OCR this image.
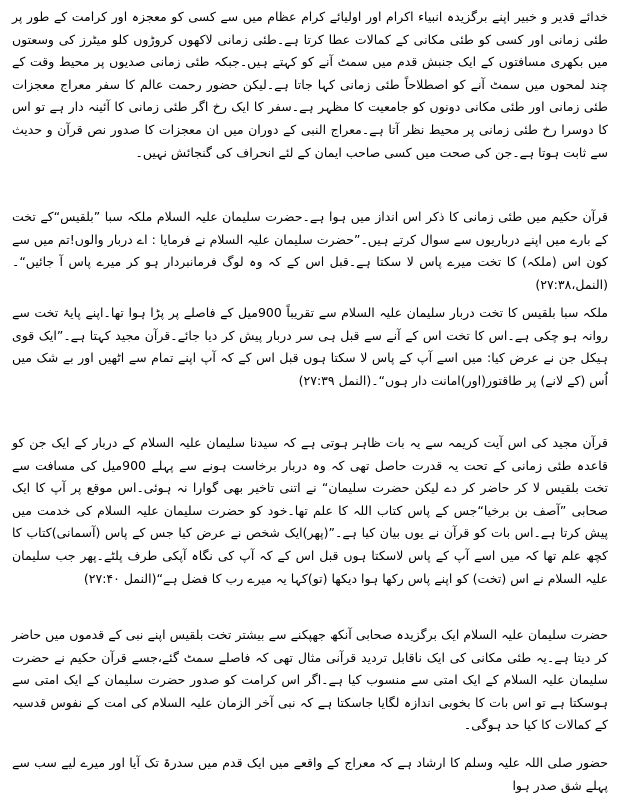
خدائے قدیر و خبیر اپنے برگزیدہ انبیاء اکرام اور اولیائے کرام عظام میں سے کسی کو معجزہ اور کرامت کے طور پر طئی زمانی اور کسی کو طئی مکانی کے کمالات عطا کرتا ہے۔طئی زمانی لاکھوں کروڑوں کلو میٹرز کی وسعتوں میں بکھری مسافتوں کے ایک جنبش قدم میں سمٹ آنے کو کہتے ہیں۔جبکہ طئی زمانی صدیوں پر محیط وقت کے چند لمحوں میں سمٹ آنے کو اصطلاحاً طئی زمانی کہا جاتا ہے۔لیکن حضور رحمت عالم کا سفر معراج معجزات طئی زمانی اور طئی مکانی دونوں کو جامعیت کا مظہر ہے۔سفر کا ایک رخ اگر طئی زمانی کا آئینہ دار ہے تو اس کا دوسرا رخ طئی زمانی پر محیط نظر آتا ہے۔معراج النبی کے دوران میں ان معجزات کا صدور نص قرآن و حدیث سے ثابت ہوتا ہے۔جن کی صحت میں کسی صاحب ایمان کے لئے انحراف کی گنجائش نہیں۔

قرآن حکیم میں طئی زمانی کا ذکر اس انداز میں ہوا ہے۔حضرت سلیمان علیہ السلام ملکہ سبا ”بلقیس“کے تخت کے بارے میں اپنے درباریوں سے سوال کرتے ہیں۔”حضرت سلیمان علیہ السلام نے فرمایا : اے دربار والوں!تم میں سے کون اس (ملکہ) کا تخت میرے پاس لا سکتا ہے۔قبل اس کے کہ وہ لوگ فرمانبردار ہو کر میرے پاس آ جائیں“۔(النمل،۲۷:۳۸)

ملکہ سبا بلقیس کا تخت دربار سلیمان علیہ السلام سے تقریباً 900میل کے فاصلے پر پڑا ہوا تھا۔اپنے پایۂ تخت سے روانہ ہو چکی ہے۔اس کا تخت اس کے آنے سے قبل ہی سر دربار پیش کر دیا جائے۔قرآن مجید کہتا ہے۔”ایک قوی ہیکل جن نے عرض کیا: میں اسے آپ کے پاس لا سکتا ہوں قبل اس کے کہ آپ اپنے تمام سے اٹھیں اور بے شک میں اُس (کے لانے) پر طاقتور(اور)امانت دار ہوں“۔(النمل ۲۷:۳۹)

قرآن مجید کی اس آیت کریمہ سے یہ بات ظاہر ہوتی ہے کہ سیدنا سلیمان علیہ السلام کے دربار کے ایک جن کو قاعدہ طئی زمانی کے تحت یہ قدرت حاصل تھی کہ وہ دربار برخاست ہونے سے پہلے 900میل کی مسافت سے تخت بلقیس لا کر حاضر کر دے لیکن حضرت سلیمان“ نے اتنی تاخیر بھی گوارا نہ ہوئی۔اس موقع پر آپ کا ایک صحابی ”آصف بن برخیا“جس کے پاس کتاب اللہ کا علم تھا۔خود کو حضرت سلیمان علیہ السلام کی خدمت میں پیش کرتا ہے۔اس بات کو قرآن نے یوں بیان کیا ہے۔”(پھر)ایک شخص نے عرض کیا جس کے پاس (آسمانی)کتاب کا کچھ علم تھا کہ میں اسے آپ کے پاس لاسکتا ہوں قبل اس کے کہ آپ کی نگاہ آپکی طرف پلٹے۔پھر جب سلیمان علیہ السلام نے اس (تخت) کو اپنے پاس رکھا ہوا دیکھا (تو)کہا یہ میرے رب کا فضل ہے“(النمل ۲۷:۴۰)

حضرت سلیمان علیہ السلام ایک برگزیدہ صحابی آنکھ جھپکنے سے بیشتر تخت بلقیس اپنے نبی کے قدموں میں حاضر کر دیتا ہے۔یہ طئی مکانی کی ایک ناقابل تردید قرآنی مثال تھی کہ فاصلے سمٹ گئے،جسے قرآن حکیم نے حضرت سلیمان علیہ السلام کے ایک امتی سے منسوب کیا ہے۔اگر اس کرامت کو صدور حضرت سلیمان کے ایک امتی سے ہوسکتا ہے تو اس بات کا بخوبی اندازہ لگایا جاسکتا ہے کہ نبی آخر الزمان علیہ السلام کی امت کے نفوس قدسیہ کے کمالات کا کیا حد ہوگی۔

حضور صلی اللہ علیہ وسلم کا ارشاد ہے کہ معراج کے واقعے میں ایک قدم میں سدرۃ تک آیا اور میرے لیے سب سے پہلے شق صدر ہوا
